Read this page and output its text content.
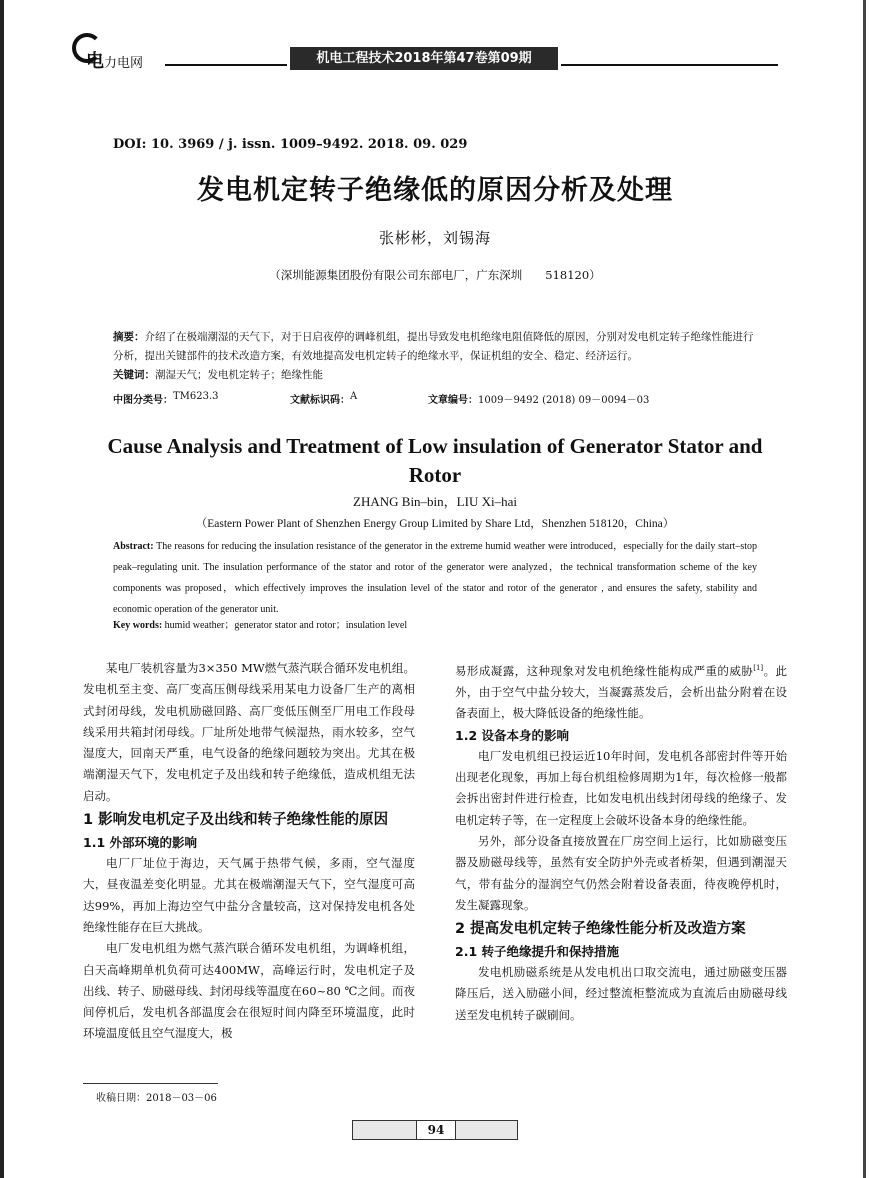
电力电网	机电工程技术2018年第47卷第09期
DOI: 10. 3969 / j. issn. 1009–9492. 2018. 09. 029
发电机定转子绝缘低的原因分析及处理
张彬彬，刘锡海
（深圳能源集团股份有限公司东部电厂，广东深圳　　518120）
摘要：介绍了在极端潮湿的天气下，对于日启夜停的调峰机组，提出导致发电机绝缘电阻值降低的原因，分别对发电机定转子绝缘性能进行分析，提出关键部件的技术改造方案，有效地提高发电机定转子的绝缘水平，保证机组的安全、稳定、经济运行。
关键词：潮湿天气；发电机定转子；绝缘性能
中图分类号： TM623.3	文献标识码： A	文章编号： 1009－9492 (2018) 09－0094－03
Cause Analysis and Treatment of Low insulation of Generator Stator and Rotor
ZHANG Bin–bin，LIU Xi–hai
（Eastern Power Plant of Shenzhen Energy Group Limited by Share Ltd，Shenzhen 518120，China）
Abstract: The reasons for reducing the insulation resistance of the generator in the extreme humid weather were introduced，especially for the daily start–stop peak–regulating unit. The insulation performance of the stator and rotor of the generator were analyzed，the technical transformation scheme of the key components was proposed，which effectively improves the insulation level of the stator and rotor of the generator , and ensures the safety, stability and economic operation of the generator unit.
Key words: humid weather；generator stator and rotor；insulation level

某电厂装机容量为3×350 MW燃气蒸汽联合循环发电机组。发电机至主变、高厂变高压侧母线采用某电力设备厂生产的离相式封闭母线，发电机励磁回路、高厂变低压侧至厂用电工作段母线采用共箱封闭母线。厂址所处地带气候湿热，雨水较多，空气湿度大，回南天严重，电气设备的绝缘问题较为突出。尤其在极端潮湿天气下，发电机定子及出线和转子绝缘低，造成机组无法启动。

1 影响发电机定子及出线和转子绝缘性能的原因
1.1 外部环境的影响

电厂厂址位于海边，天气属于热带气候，多雨，空气湿度大，昼夜温差变化明显。尤其在极端潮湿天气下，空气湿度可高达99%，再加上海边空气中盐分含量较高，这对保持发电机各处绝缘性能存在巨大挑战。

电厂发电机组为燃气蒸汽联合循环发电机组，为调峰机组，白天高峰期单机负荷可达400MW，高峰运行时，发电机定子及出线、转子、励磁母线、封闭母线等温度在60~80 ℃之间。而夜间停机后，发电机各部温度会在很短时间内降至环境温度，此时环境温度低且空气湿度大，极

易形成凝露，这种现象对发电机绝缘性能构成严重的威胁[1]。此外，由于空气中盐分较大，当凝露蒸发后，会析出盐分附着在设备表面上，极大降低设备的绝缘性能。

1.2 设备本身的影响

电厂发电机组已投运近10年时间，发电机各部密封件等开始出现老化现象，再加上每台机组检修周期为1年，每次检修一般都会拆出密封件进行检查，比如发电机出线封闭母线的绝缘子、发电机定转子等，在一定程度上会破坏设备本身的绝缘性能。

另外，部分设备直接放置在厂房空间上运行，比如励磁变压器及励磁母线等，虽然有安全防护外壳或者桥架，但遇到潮湿天气，带有盐分的湿润空气仍然会附着设备表面，待夜晚停机时，发生凝露现象。

2 提高发电机定转子绝缘性能分析及改造方案
2.1 转子绝缘提升和保持措施

发电机励磁系统是从发电机出口取交流电，通过励磁变压器降压后，送入励磁小间，经过整流柜整流成为直流后由励磁母线送至发电机转子碳刷间。

收稿日期：2018－03－06
94
